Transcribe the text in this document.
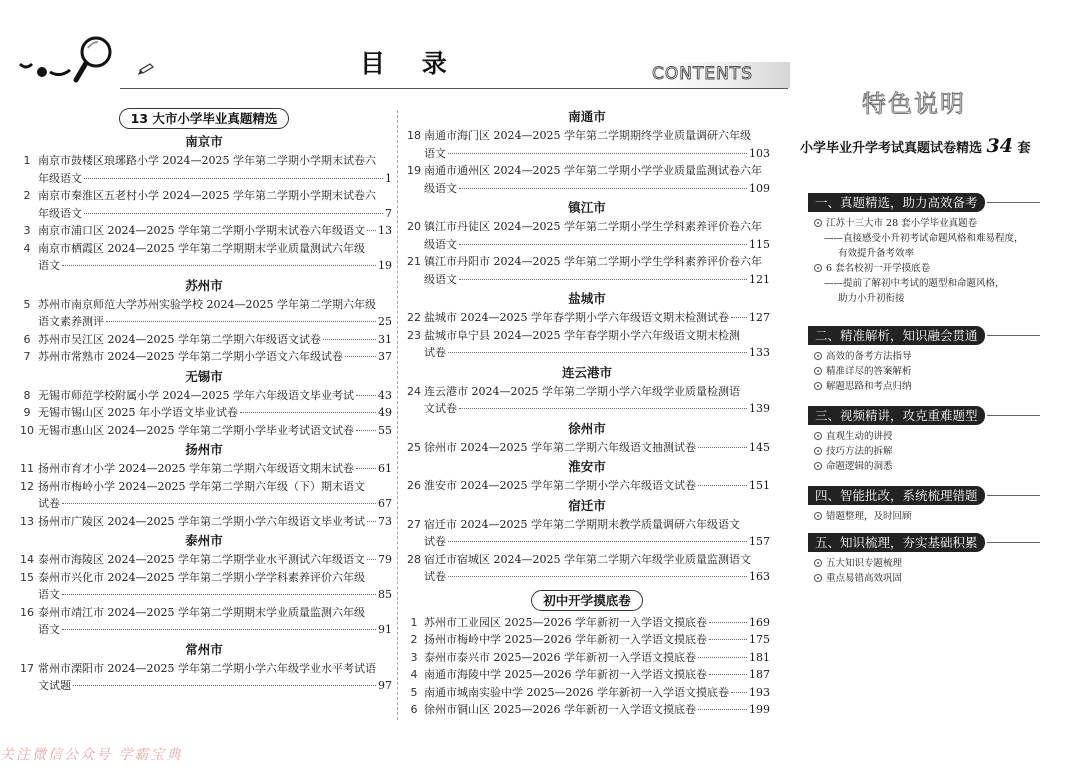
目 录	CONTENTS
13 大市小学毕业真题精选
南京市
1 南京市鼓楼区琅琊路小学 2024—2025 学年第二学期小学期末试卷六
年级语文	1
2 南京市秦淮区五老村小学 2024—2025 学年第二学期小学期末试卷六
年级语文	7
3 南京市浦口区 2024—2025 学年第二学期小学期末试卷六年级语文 13
4 南京市栖霞区 2024—2025 学年第二学期期末学业质量测试六年级
语文	19
苏州市
5 苏州市南京师范大学苏州实验学校 2024—2025 学年第二学期六年级
语文素养测评	25
6 苏州市吴江区 2024—2025 学年第二学期六年级语文试卷	31
7 苏州市常熟市 2024—2025 学年第二学期小学语文六年级试卷	37
无锡市
8 无锡市师范学校附属小学 2024—2025 学年六年级语文毕业考试 43
9 无锡市锡山区 2025 年小学语文毕业试卷	49
10 无锡市惠山区 2024—2025 学年第二学期小学毕业考试语文试卷 55
扬州市
11 扬州市育才小学 2024—2025 学年第二学期六年级语文期末试卷 61
12 扬州市梅岭小学 2024—2025 学年第二学期六年级（下）期末语文
试卷	67
13 扬州市广陵区 2024—2025 学年第二学期小学六年级语文毕业考试 73
泰州市
14 泰州市海陵区 2024—2025 学年第二学期学业水平测试六年级语文 79
15 泰州市兴化市 2024—2025 学年第二学期小学学科素养评价六年级
语文	85
16 泰州市靖江市 2024—2025 学年第二学期期末学业质量监测六年级
语文	91
常州市
17 常州市溧阳市 2024—2025 学年第二学期小学六年级学业水平考试语
文试题	97
南通市
18 南通市海门区 2024—2025 学年第二学期期终学业质量调研六年级
语文	103
19 南通市通州区 2024—2025 学年第二学期小学学业质量监测试卷六年
级语文	109
镇江市
20 镇江市丹徒区 2024—2025 学年第二学期小学生学科素养评价卷六年
级语文	115
21 镇江市丹阳市 2024—2025 学年第二学期小学生学科素养评价卷六年
级语文	121
盐城市
22 盐城市 2024—2025 学年春学期小学六年级语文期末检测试卷 127
23 盐城市阜宁县 2024—2025 学年春学期小学六年级语文期末检测
试卷	133
连云港市
24 连云港市 2024—2025 学年第二学期小学六年级学业质量检测语
文试卷	139
徐州市
25 徐州市 2024—2025 学年第二学期六年级语文抽测试卷	145
淮安市
26 淮安市 2024—2025 学年第二学期小学六年级语文试卷	151
宿迁市
27 宿迁市 2024—2025 学年第二学期期末教学质量调研六年级语文
试卷	157
28 宿迁市宿城区 2024—2025 学年第二学期六年级学业质量监测语文
试卷	163
初中开学摸底卷
1 苏州市工业园区 2025—2026 学年新初一入学语文摸底卷	169
2 扬州市梅岭中学 2025—2026 学年新初一入学语文摸底卷	175
3 泰州市泰兴市 2025—2026 学年新初一入学语文摸底卷	181
4 南通市海陵中学 2025—2026 学年新初一入学语文摸底卷	187
5 南通市城南实验中学 2025—2026 学年新初一入学语文摸底卷 193
6 徐州市铜山区 2025—2026 学年新初一入学语文摸底卷	199
特色说明
小学毕业升学考试真题试卷精选 34 套
一、真题精选，助力高效备考
江苏十三大市 28 套小学毕业真题卷
——直接感受小升初考试命题风格和难易程度，
有效提升备考效率
6 套名校初一开学摸底卷
——提前了解初中考试的题型和命题风格，
助力小升初衔接
二、精准解析，知识融会贯通
高效的备考方法指导
精准详尽的答案解析
解题思路和考点归纳
三、视频精讲，攻克重难题型
直观生动的讲授
技巧方法的拆解
命题逻辑的洞悉
四、智能批改，系统梳理错题
错题整理，及时回顾
五、知识梳理，夯实基础积累
五大知识专题梳理
重点易错高效巩固
关注微信公众号 学霸宝典
